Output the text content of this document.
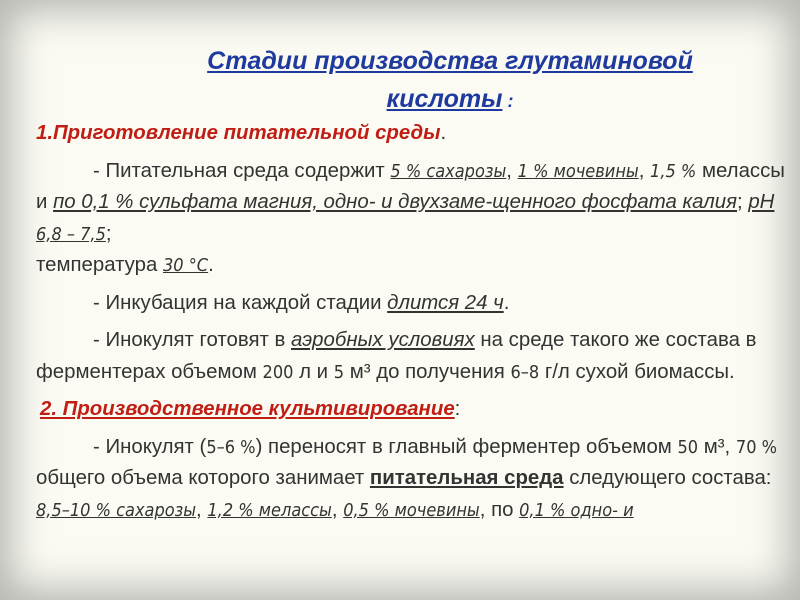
Стадии производства глутаминовой
кислоты :

1.Приготовление питательной среды.

- Питательная среда содержит 5 % сахарозы, 1 % мочевины, 1,5 % мелассы и по 0,1 % сульфата магния, одно- и двухзаме-щенного фосфата калия; рН 6,8 – 7,5;
температура 30 °С.

- Инкубация на каждой стадии длится 24 ч.

- Инокулят готовят в аэробных условиях на среде такого же состава в ферментерах объемом 200 л и 5 м³ до получения 6–8 г/л сухой биомассы.

2. Производственное культивирование:

- Инокулят (5–6 %) переносят в главный ферментер объемом 50 м³, 70 % общего объема которого занимает питательная среда следующего состава: 8,5–10 % сахарозы, 1,2 % мелассы, 0,5 % мочевины, по 0,1 % одно- и
